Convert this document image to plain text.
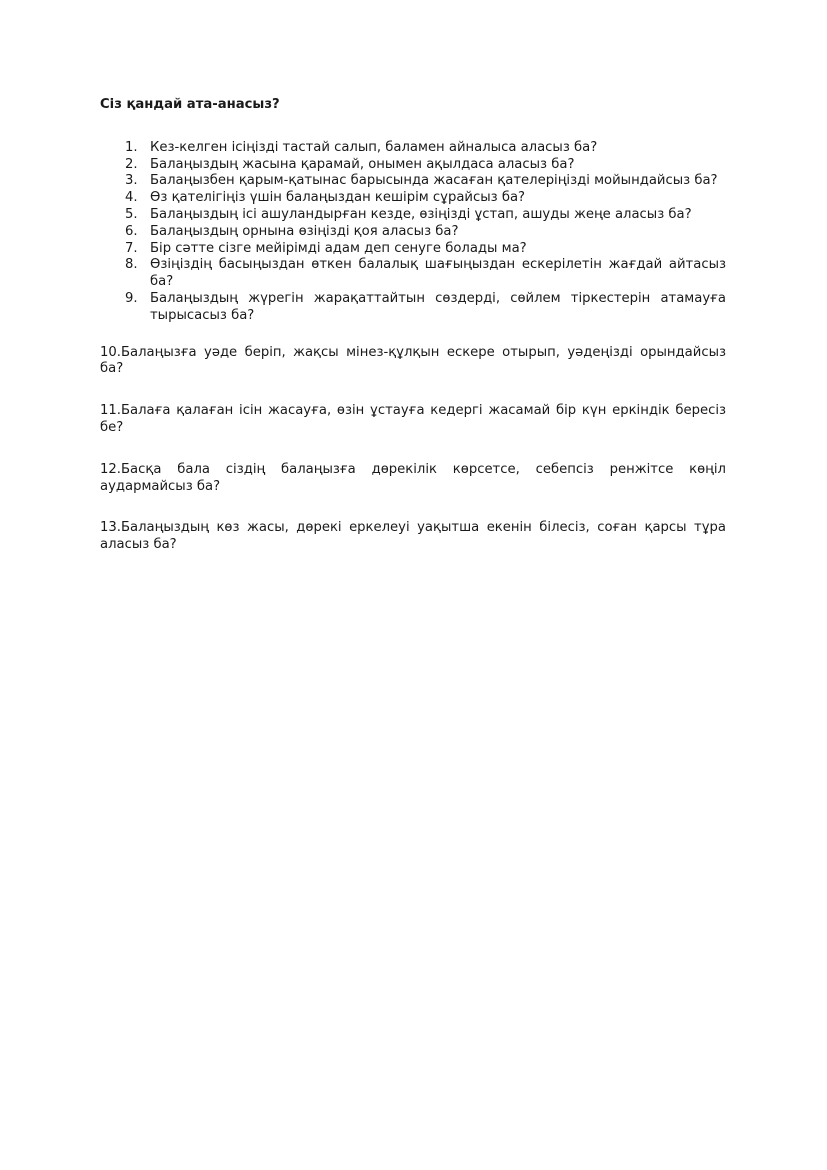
Сіз қандай ата-анасыз?
1. Кез-келген ісіңізді тастай салып, баламен айналыса аласыз ба?
2. Балаңыздың жасына қарамай, онымен ақылдаса аласыз ба?
3. Балаңызбен қарым-қатынас барысында жасаған қателеріңізді мойындайсыз ба?
4. Өз қателігіңіз үшін балаңыздан кешірім сұрайсыз ба?
5. Балаңыздың ісі ашуландырған кезде, өзіңізді ұстап, ашуды жеңе аласыз ба?
6. Балаңыздың орнына өзіңізді қоя аласыз ба?
7. Бір сәтте сізге мейірімді адам деп сенуге болады ма?
8. Өзіңіздің басыңыздан өткен балалық шағыңыздан ескерілетін жағдай айтасыз ба?
9. Балаңыздың жүрегін жарақаттайтын сөздерді, сөйлем тіркестерін атамауға тырысасыз ба?

10.Балаңызға уәде беріп, жақсы мінез-құлқын ескере отырып, уәдеңізді орындайсыз ба?

11.Балаға қалаған ісін жасауға, өзін ұстауға кедергі жасамай бір күн еркіндік бересіз бе?

12.Басқа бала сіздің балаңызға дөрекілік көрсетсе, себепсіз ренжітсе көңіл аудармайсыз ба?

13.Балаңыздың көз жасы, дөрекі еркелеуі уақытша екенін білесіз, соған қарсы тұра аласыз ба?
